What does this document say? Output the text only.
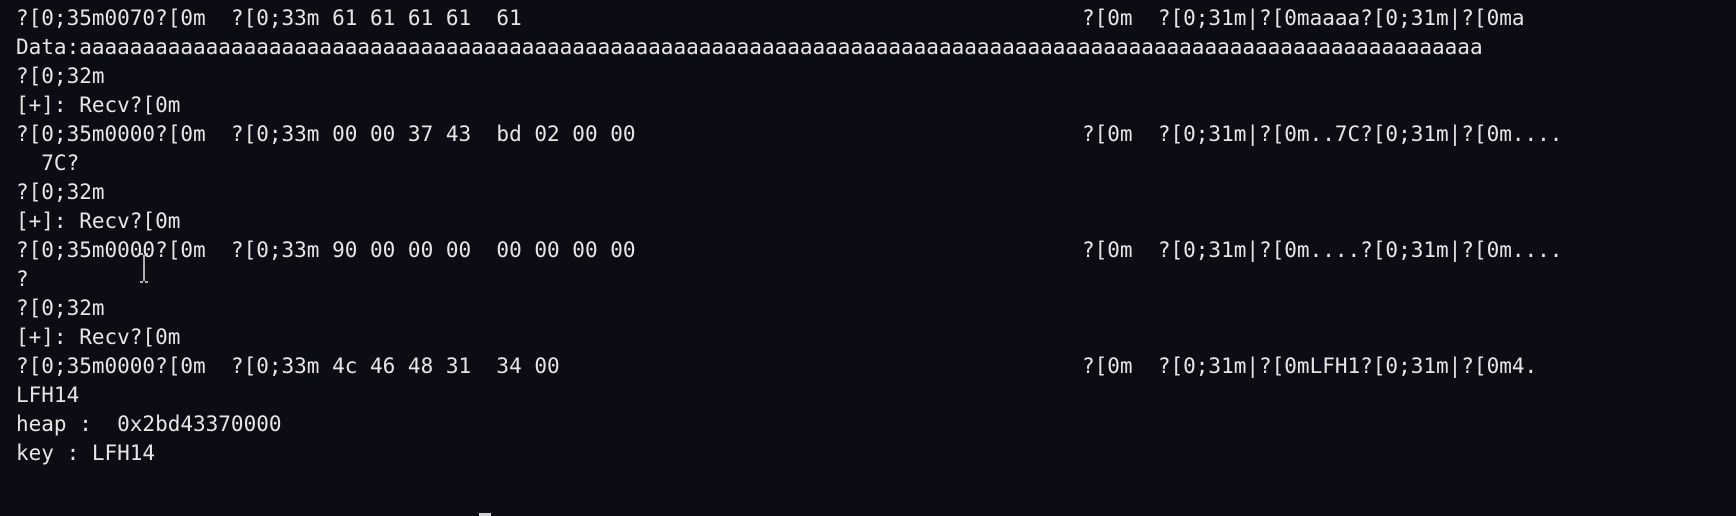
?[0;35m0070?[0m  ?[0;33m 61 61 61 61  61	?[0m  ?[0;31m|?[0maaaa?[0;31m|?[0ma
Data:aaaaaaaaaaaaaaaaaaaaaaaaaaaaaaaaaaaaaaaaaaaaaaaaaaaaaaaaaaaaaaaaaaaaaaaaaaaaaaaaaaaaaaaaaaaaaaaaaaaaaaaaaaaaaaa
?[0;32m
[+]: Recv?[0m
?[0;35m0000?[0m  ?[0;33m 00 00 37 43  bd 02 00 00	?[0m  ?[0;31m|?[0m..7C?[0;31m|?[0m....
7C?
?[0;32m
[+]: Recv?[0m
?[0;35m0000?[0m  ?[0;33m 90 00 00 00  00 00 00 00	?[0m  ?[0;31m|?[0m....?[0;31m|?[0m....
?
?[0;32m
[+]: Recv?[0m
?[0;35m0000?[0m  ?[0;33m 4c 46 48 31  34 00	?[0m  ?[0;31m|?[0mLFH1?[0;31m|?[0m4.
LFH14
heap :  0x2bd43370000
key : LFH14
